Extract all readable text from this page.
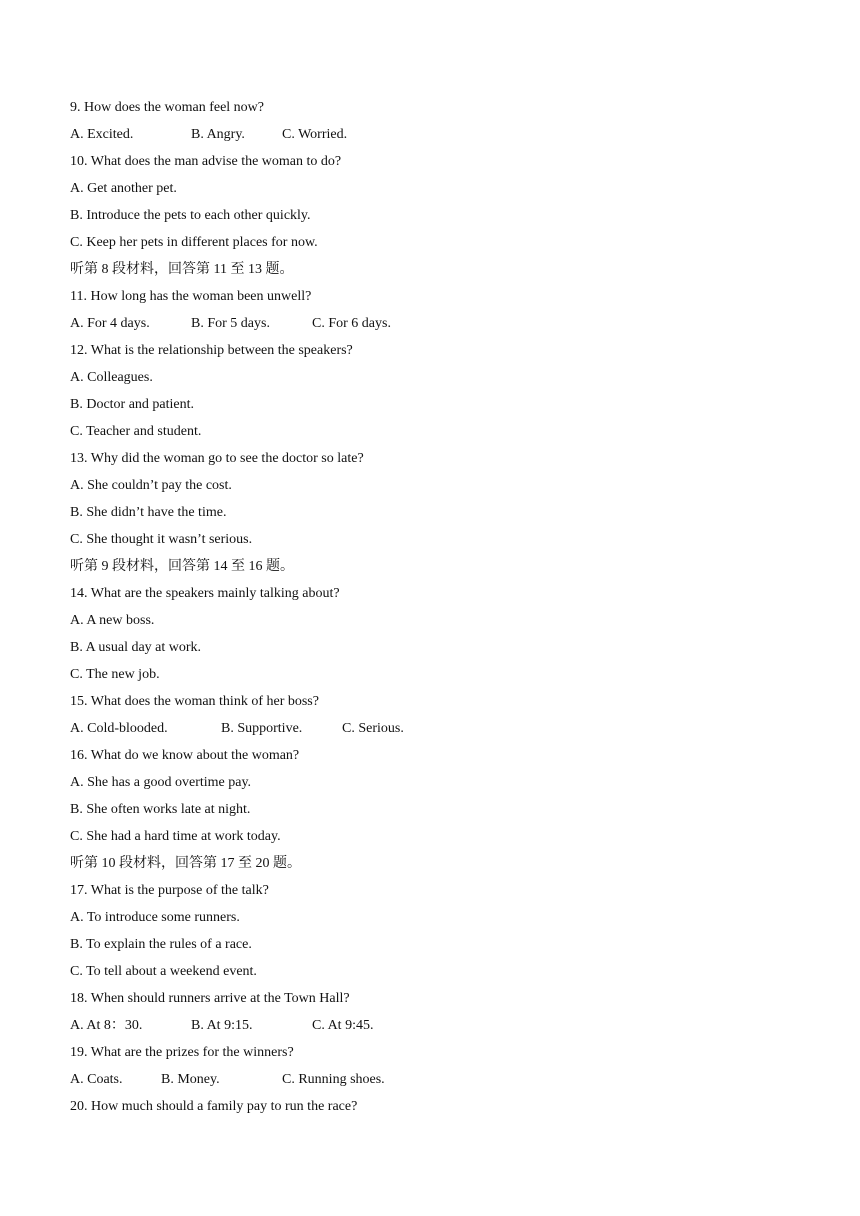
9. How does the woman feel now?
A. Excited.	B. Angry.	C. Worried.
10. What does the man advise the woman to do?
A. Get another pet.
B. Introduce the pets to each other quickly.
C. Keep her pets in different places for now.
听第 8 段材料，回答第 11 至 13 题。
11. How long has the woman been unwell?
A. For 4 days.	B. For 5 days.	C. For 6 days.
12. What is the relationship between the speakers?
A. Colleagues.
B. Doctor and patient.
C. Teacher and student.
13. Why did the woman go to see the doctor so late?
A. She couldn’t pay the cost.
B. She didn’t have the time.
C. She thought it wasn’t serious.
听第 9 段材料，回答第 14 至 16 题。
14. What are the speakers mainly talking about?
A. A new boss.
B. A usual day at work.
C. The new job.
15. What does the woman think of her boss?
A. Cold-blooded.	B. Supportive.	C. Serious.
16. What do we know about the woman?
A. She has a good overtime pay.
B. She often works late at night.
C. She had a hard time at work today.
听第 10 段材料，回答第 17 至 20 题。
17. What is the purpose of the talk?
A. To introduce some runners.
B. To explain the rules of a race.
C. To tell about a weekend event.
18. When should runners arrive at the Town Hall?
A. At 8：30.	B. At 9:15.	C. At 9:45.
19. What are the prizes for the winners?
A. Coats.	B. Money.	C. Running shoes.
20. How much should a family pay to run the race?
